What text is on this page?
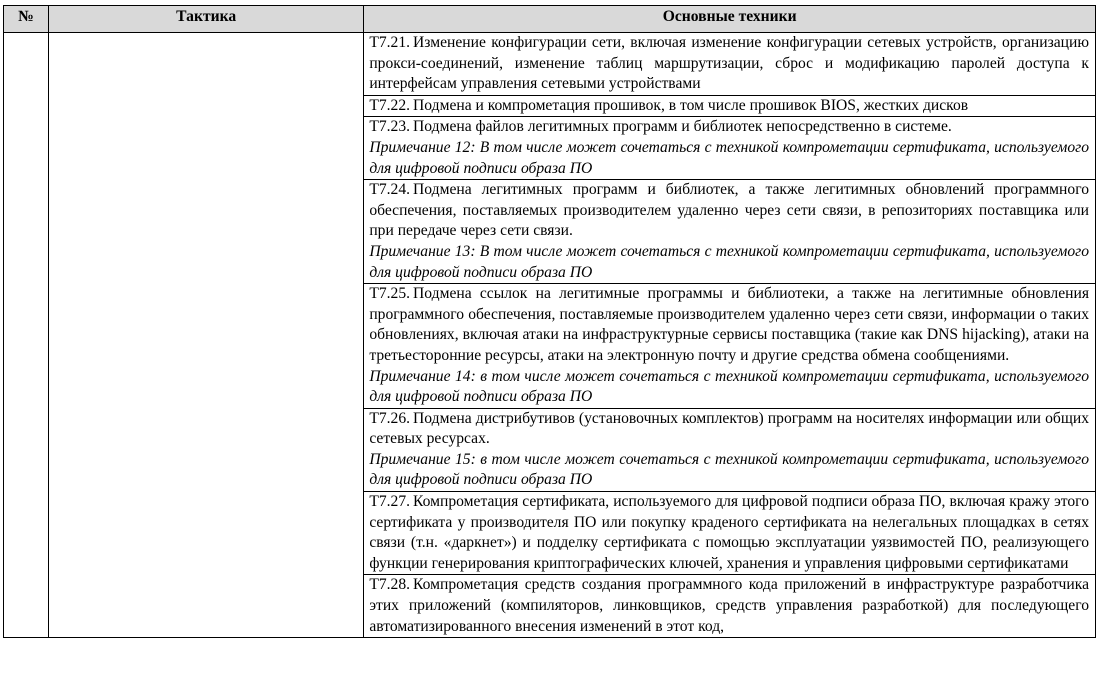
№	Тактика	Основные техники

		Т7.21. Изменение конфигурации сети, включая изменение конфигурации сетевых устройств, организацию прокси-соединений, изменение таблиц маршрутизации, сброс и модификацию паролей доступа к интерфейсам управления сетевыми устройствами

		Т7.22. Подмена и компрометация прошивок, в том числе прошивок BIOS, жестких дисков

		Т7.23. Подмена файлов легитимных программ и библиотек непосредственно в системе.

Примечание 12: В том числе может сочетаться с техникой компрометации сертификата, используемого для цифровой подписи образа ПО

		Т7.24. Подмена легитимных программ и библиотек, а также легитимных обновлений программного обеспечения, поставляемых производителем удаленно через сети связи, в репозиториях поставщика или при передаче через сети связи.

Примечание 13: В том числе может сочетаться с техникой компрометации сертификата, используемого для цифровой подписи образа ПО

		Т7.25. Подмена ссылок на легитимные программы и библиотеки, а также на легитимные обновления программного обеспечения, поставляемые производителем удаленно через сети связи, информации о таких обновлениях, включая атаки на инфраструктурные сервисы поставщика (такие как DNS hijacking), атаки на третьесторонние ресурсы, атаки на электронную почту и другие средства обмена сообщениями.

Примечание 14: в том числе может сочетаться с техникой компрометации сертификата, используемого для цифровой подписи образа ПО

		Т7.26. Подмена дистрибутивов (установочных комплектов) программ на носителях информации или общих сетевых ресурсах.

Примечание 15: в том числе может сочетаться с техникой компрометации сертификата, используемого для цифровой подписи образа ПО

		Т7.27. Компрометация сертификата, используемого для цифровой подписи образа ПО, включая кражу этого сертификата у производителя ПО или покупку краденого сертификата на нелегальных площадках в сетях связи (т.н. «даркнет») и подделку сертификата с помощью эксплуатации уязвимостей ПО, реализующего функции генерирования криптографических ключей, хранения и управления цифровыми сертификатами

		Т7.28. Компрометация средств создания программного кода приложений в инфраструктуре разработчика этих приложений (компиляторов, линковщиков, средств управления разработкой) для последующего автоматизированного внесения изменений в этот код,
